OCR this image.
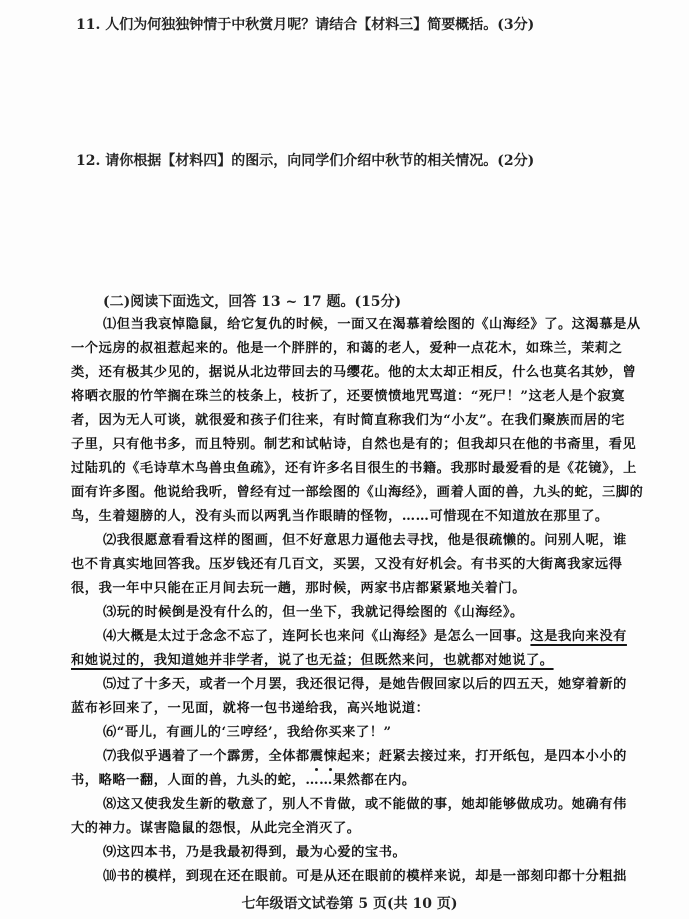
11. 人们为何独独钟情于中秋赏月呢？请结合【材料三】简要概括。(3分)
12. 请你根据【材料四】的图示，向同学们介绍中秋节的相关情况。(2分)
(二)阅读下面选文，回答 13 ~ 17 题。(15分)
⑴但当我哀悼隐鼠，给它复仇的时候，一面又在渴慕着绘图的《山海经》了。这渴慕是从
一个远房的叔祖惹起来的。他是一个胖胖的，和蔼的老人，爱种一点花木，如珠兰，茉莉之
类，还有极其少见的，据说从北边带回去的马缨花。他的太太却正相反，什么也莫名其妙，曾
将晒衣服的竹竿搁在珠兰的枝条上，枝折了，还要愤愤地咒骂道：“死尸！”这老人是个寂寞
者，因为无人可谈，就很爱和孩子们往来，有时简直称我们为“小友”。在我们聚族而居的宅
子里，只有他书多，而且特别。制艺和试帖诗，自然也是有的；但我却只在他的书斋里，看见
过陆玑的《毛诗草木鸟兽虫鱼疏》，还有许多名目很生的书籍。我那时最爱看的是《花镜》，上
面有许多图。他说给我听，曾经有过一部绘图的《山海经》，画着人面的兽，九头的蛇，三脚的
鸟，生着翅膀的人，没有头而以两乳当作眼睛的怪物，……可惜现在不知道放在那里了。
⑵我很愿意看看这样的图画，但不好意思力逼他去寻找，他是很疏懒的。问别人呢，谁
也不肯真实地回答我。压岁钱还有几百文，买罢，又没有好机会。有书买的大街离我家远得
很，我一年中只能在正月间去玩一趟，那时候，两家书店都紧紧地关着门。
⑶玩的时候倒是没有什么的，但一坐下，我就记得绘图的《山海经》。
⑷大概是太过于念念不忘了，连阿长也来问《山海经》是怎么一回事。这是我向来没有
和她说过的，我知道她并非学者，说了也无益；但既然来问，也就都对她说了。
⑸过了十多天，或者一个月罢，我还很记得，是她告假回家以后的四五天，她穿着新的
蓝布衫回来了，一见面，就将一包书递给我，高兴地说道：
⑹“哥儿，有画儿的‘三哼经’，我给你买来了！”
⑺我似乎遇着了一个霹雳，全体都震悚起来；赶紧去接过来，打开纸包，是四本小小的
书，略略一翻，人面的兽，九头的蛇，……果然都在内。
⑻这又使我发生新的敬意了，别人不肯做，或不能做的事，她却能够做成功。她确有伟
大的神力。谋害隐鼠的怨恨，从此完全消灭了。
⑼这四本书，乃是我最初得到，最为心爱的宝书。
⑽书的模样，到现在还在眼前。可是从还在眼前的模样来说，却是一部刻印都十分粗拙
七年级语文试卷第 5 页(共 10 页)
